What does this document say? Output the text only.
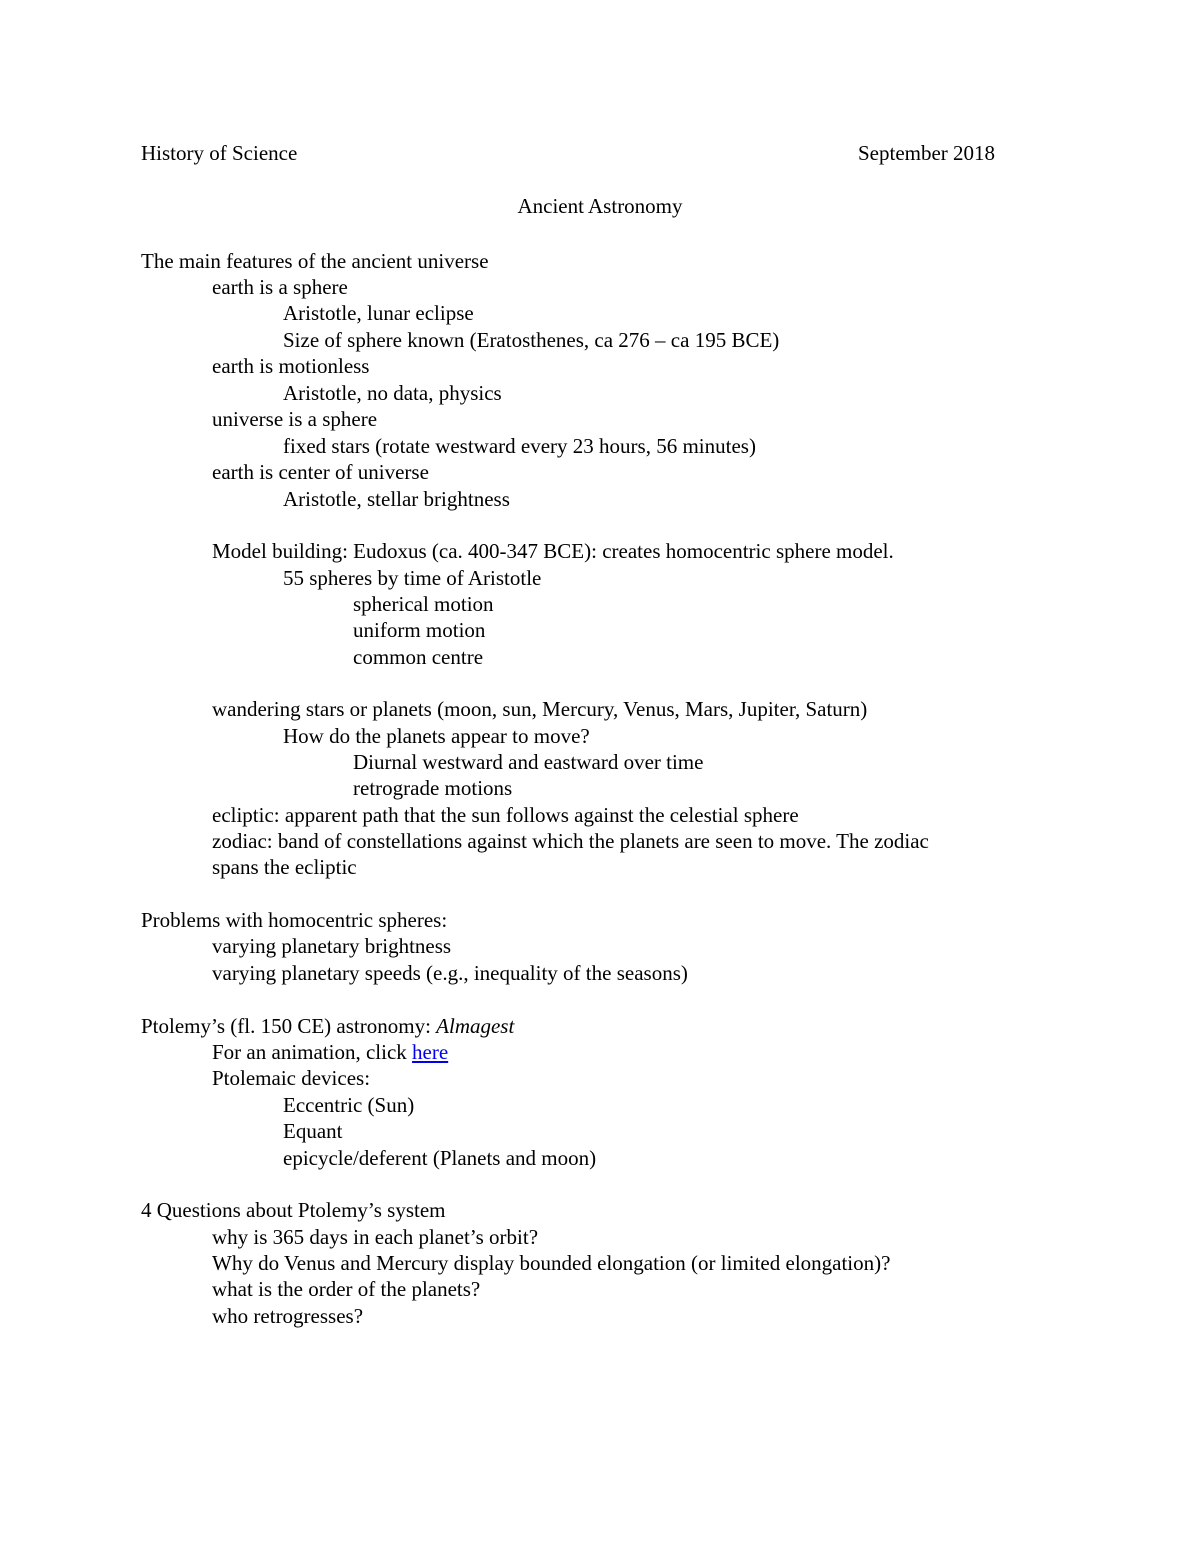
History of Science	September 2018
Ancient Astronomy
The main features of the ancient universe
earth is a sphere
Aristotle, lunar eclipse
Size of sphere known (Eratosthenes, ca 276 – ca 195 BCE)
earth is motionless
Aristotle, no data, physics
universe is a sphere
fixed stars (rotate westward every 23 hours, 56 minutes)
earth is center of universe
Aristotle, stellar brightness
Model building: Eudoxus (ca. 400-347 BCE): creates homocentric sphere model.
55 spheres by time of Aristotle
spherical motion
uniform motion
common centre
wandering stars or planets (moon, sun, Mercury, Venus, Mars, Jupiter, Saturn)
How do the planets appear to move?
Diurnal westward and eastward over time
retrograde motions
ecliptic: apparent path that the sun follows against the celestial sphere
zodiac: band of constellations against which the planets are seen to move. The zodiac
spans the ecliptic
Problems with homocentric spheres:
varying planetary brightness
varying planetary speeds (e.g., inequality of the seasons)
Ptolemy’s (fl. 150 CE) astronomy: Almagest
For an animation, click here
Ptolemaic devices:
Eccentric (Sun)
Equant
epicycle/deferent (Planets and moon)
4 Questions about Ptolemy’s system
why is 365 days in each planet’s orbit?
Why do Venus and Mercury display bounded elongation (or limited elongation)?
what is the order of the planets?
who retrogresses?
